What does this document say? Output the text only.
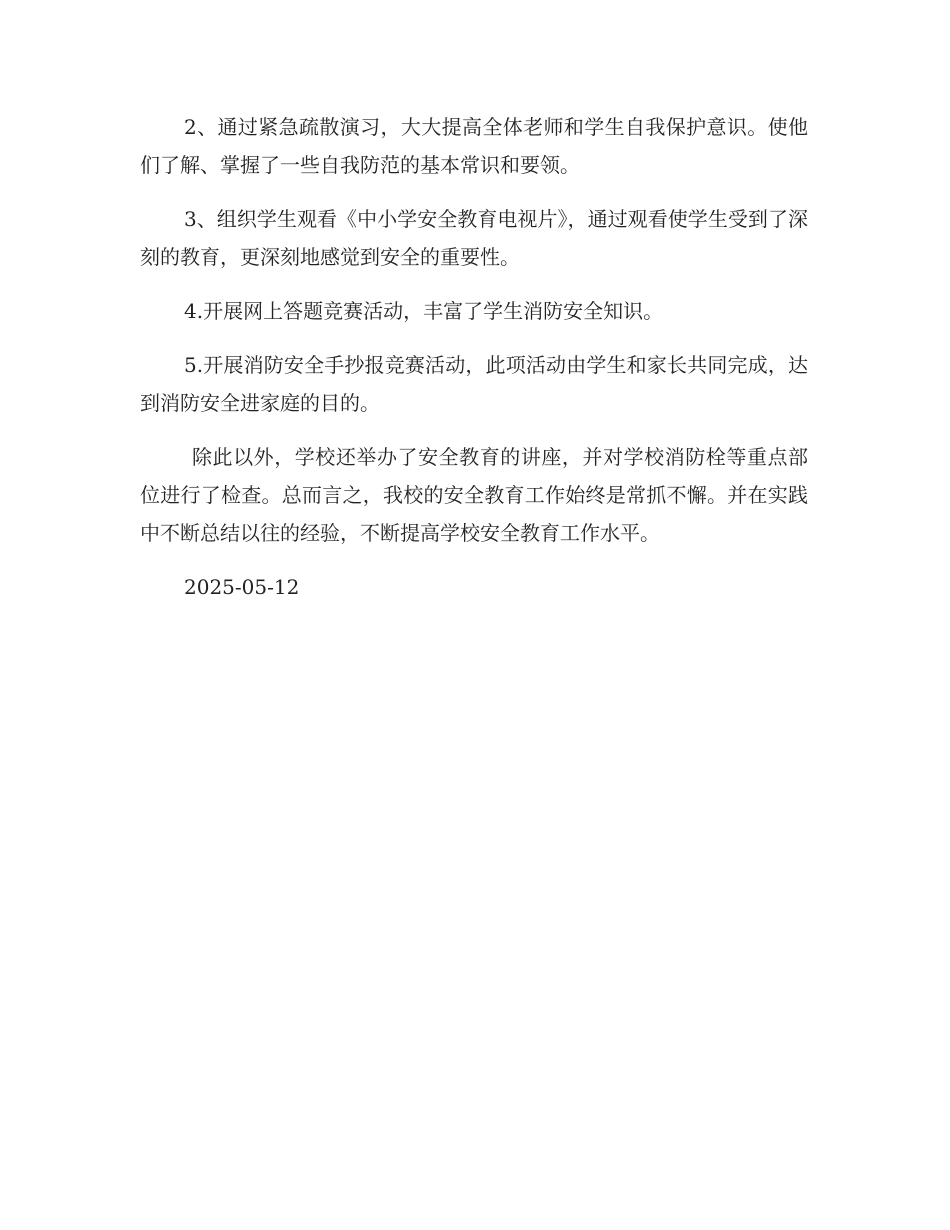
2、通过紧急疏散演习，大大提高全体老师和学生自我保护意识。使他们了解、掌握了一些自我防范的基本常识和要领。

3、组织学生观看《中小学安全教育电视片》，通过观看使学生受到了深刻的教育，更深刻地感觉到安全的重要性。

4.开展网上答题竞赛活动，丰富了学生消防安全知识。

5.开展消防安全手抄报竞赛活动，此项活动由学生和家长共同完成，达到消防安全进家庭的目的。

除此以外，学校还举办了安全教育的讲座，并对学校消防栓等重点部位进行了检查。总而言之，我校的安全教育工作始终是常抓不懈。并在实践中不断总结以往的经验，不断提高学校安全教育工作水平。

2025-05-12
